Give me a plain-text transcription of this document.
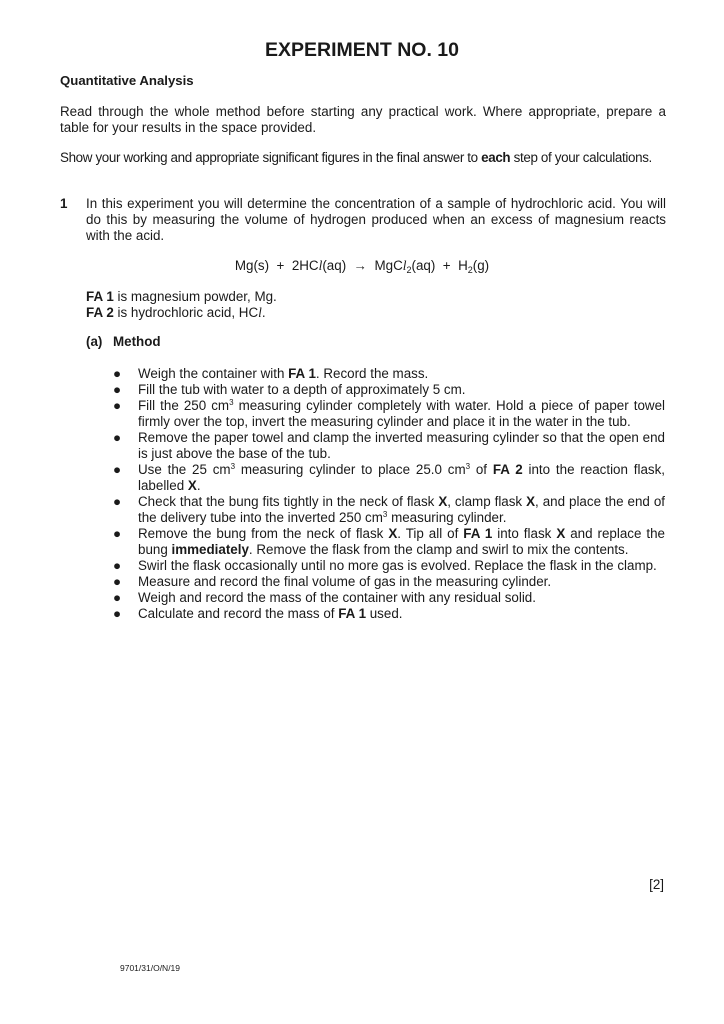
EXPERIMENT NO. 10
Quantitative Analysis
Read through the whole method before starting any practical work. Where appropriate, prepare a table for your results in the space provided.
Show your working and appropriate significant figures in the final answer to each step of your calculations.
1 In this experiment you will determine the concentration of a sample of hydrochloric acid. You will do this by measuring the volume of hydrogen produced when an excess of magnesium reacts with the acid.
Mg(s) + 2HCl(aq) → MgCl$_2$(aq) + $H_2(g)$
FA 1 is magnesium powder, Mg.
FA 2 is hydrochloric acid, HCl.
(a) Method
● Weigh the container with FA 1. Record the mass.
● Fill the tub with water to a depth of approximately 5 cm.
● Fill the 250 $cm^3$ measuring cylinder completely with water. Hold a piece of paper towel firmly over the top, invert the measuring cylinder and place it in the water in the tub.
● Remove the paper towel and clamp the inverted measuring cylinder so that the open end is just above the base of the tub.
● Use the 25 $cm^3$ measuring cylinder to place 25.0 $cm^3$ of FA 2 into the reaction flask, labelled X.
● Check that the bung fits tightly in the neck of flask X, clamp flask X, and place the end of the delivery tube into the inverted 250 $cm^3$ measuring cylinder.
● Remove the bung from the neck of flask X. Tip all of FA 1 into flask X and replace the bung immediately. Remove the flask from the clamp and swirl to mix the contents.
● Swirl the flask occasionally until no more gas is evolved. Replace the flask in the clamp.
● Measure and record the final volume of gas in the measuring cylinder.
● Weigh and record the mass of the container with any residual solid.
● Calculate and record the mass of FA 1 used.
[2]
9701/31/O/N/19
